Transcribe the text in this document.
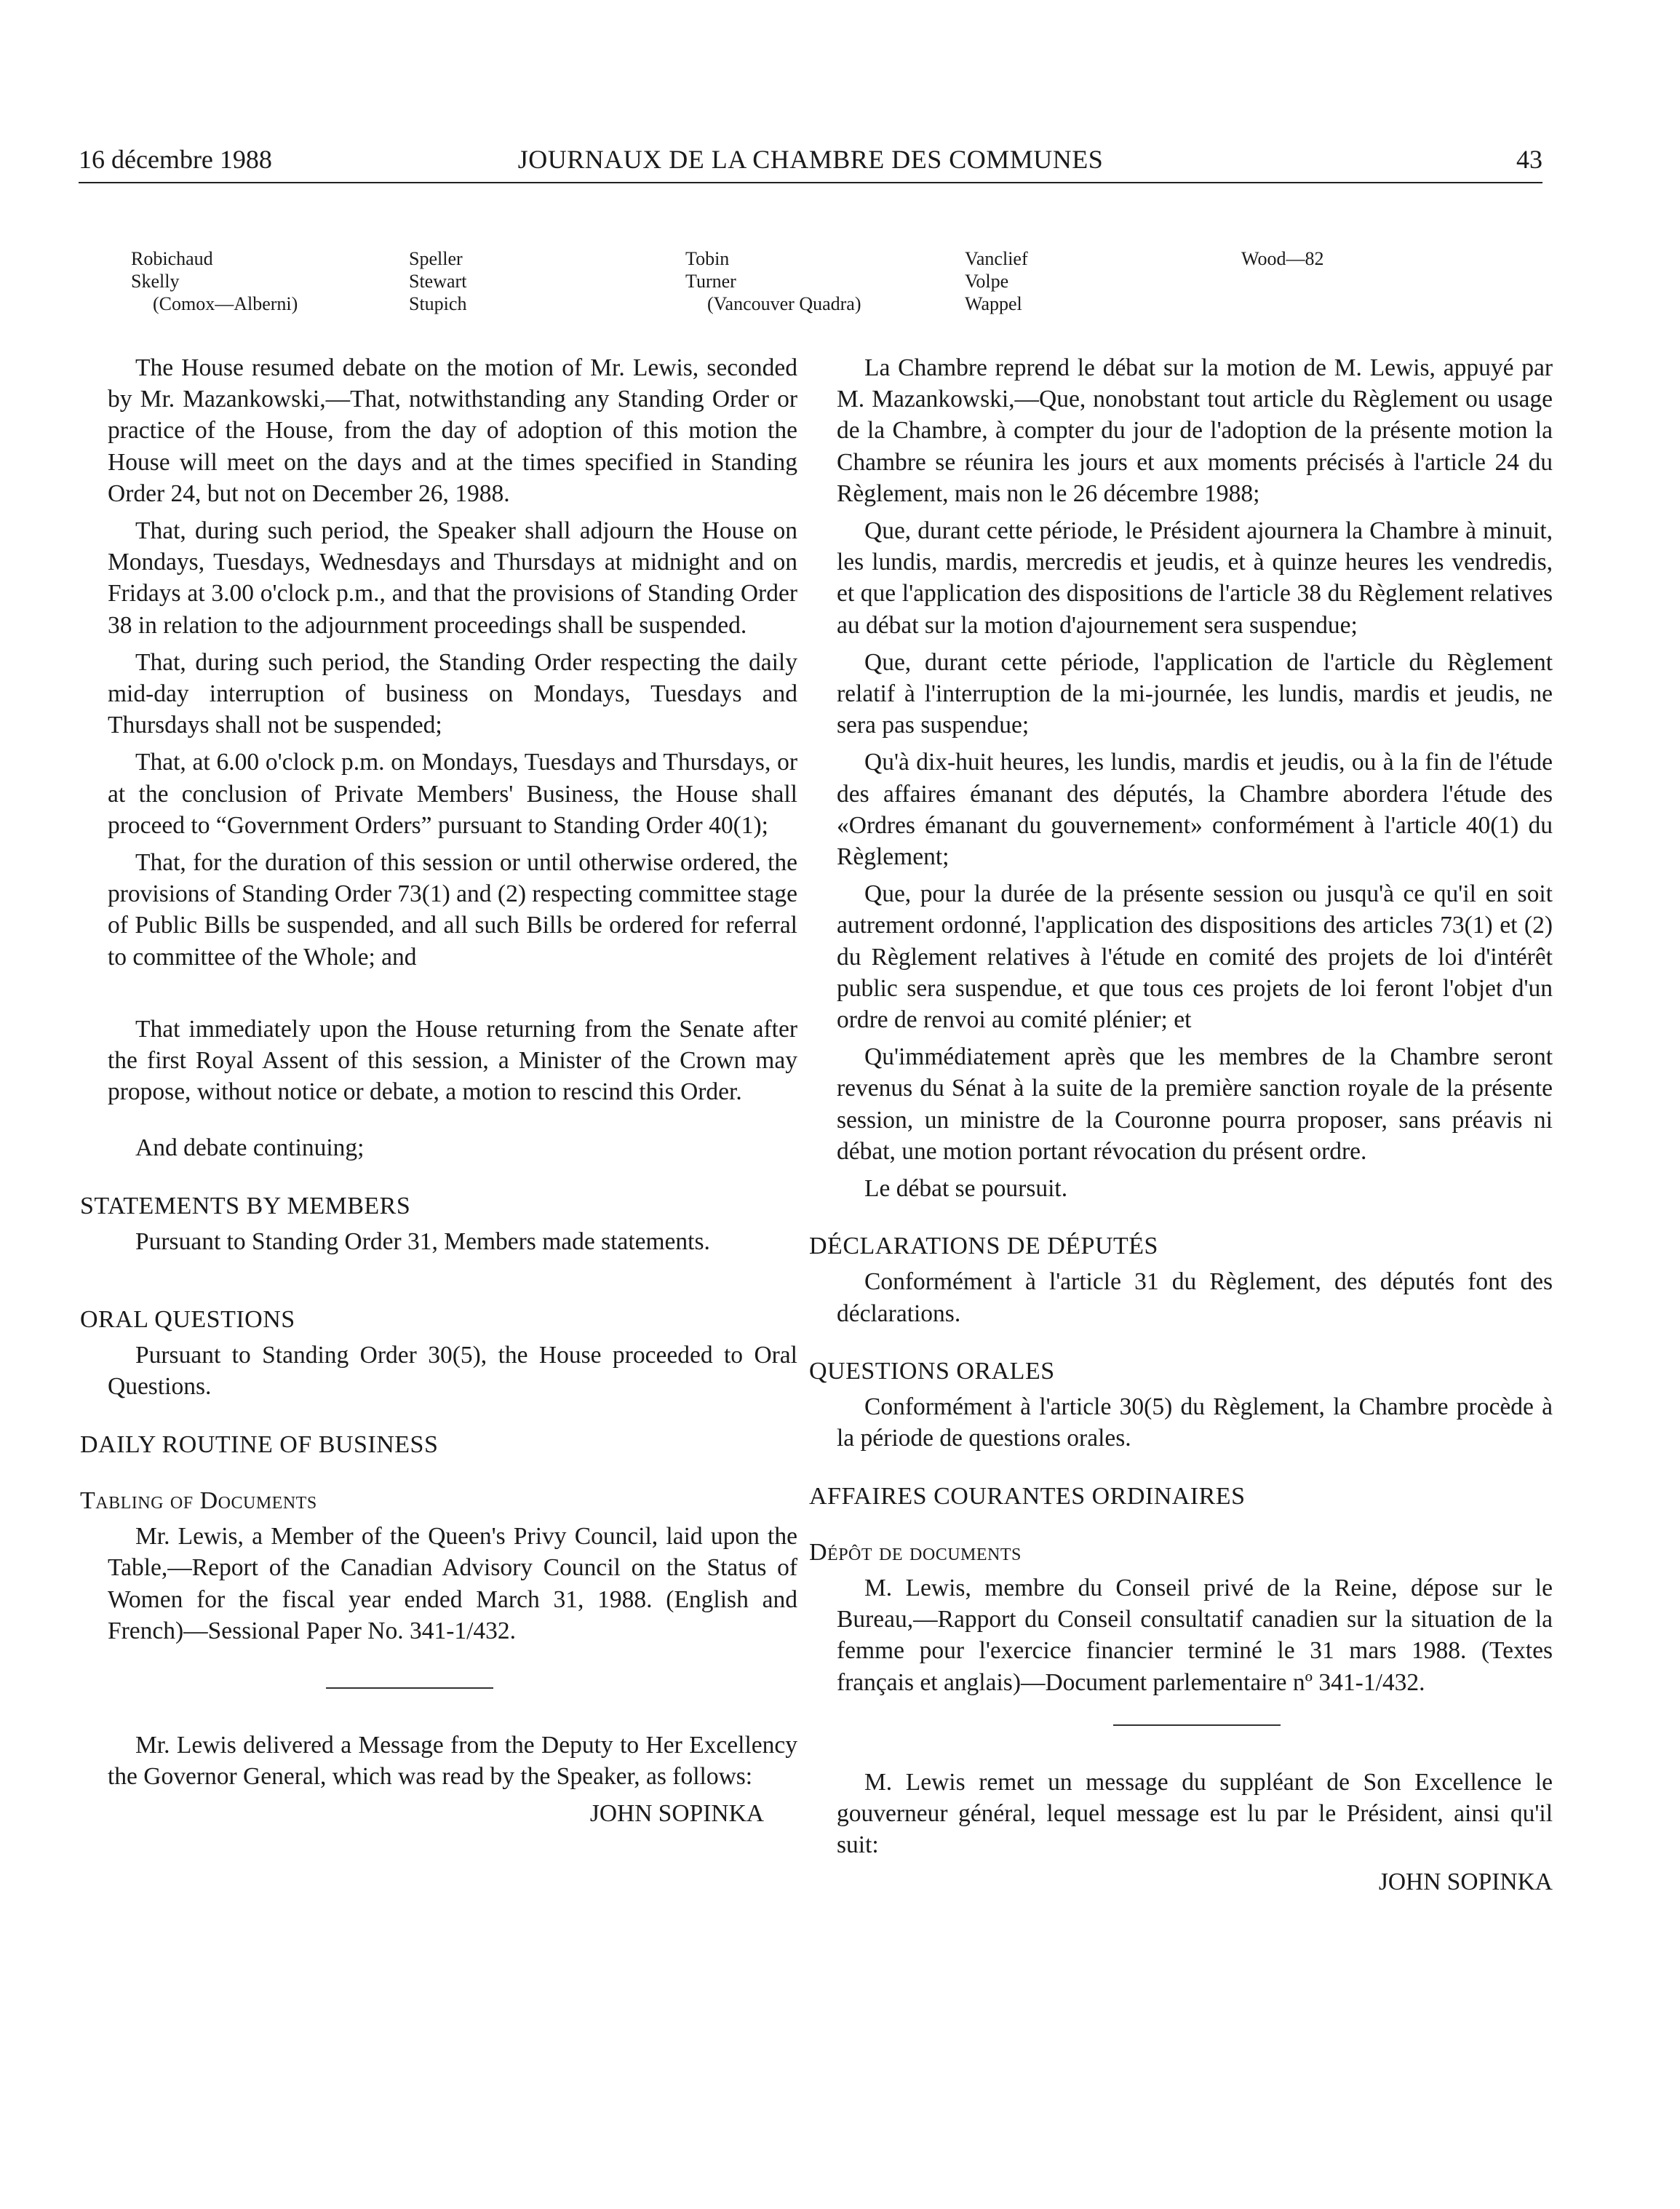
16 décembre 1988	JOURNAUX DE LA CHAMBRE DES COMMUNES	43
Robichaud
Skelly
(Comox—Alberni)
Speller
Stewart
Stupich
Tobin
Turner
(Vancouver Quadra)
Vanclief
Volpe
Wappel
Wood—82

The House resumed debate on the motion of Mr. Lewis, seconded by Mr. Mazankowski,—That, notwithstanding any Standing Order or practice of the House, from the day of adoption of this motion the House will meet on the days and at the times specified in Standing Order 24, but not on December 26, 1988.

That, during such period, the Speaker shall adjourn the House on Mondays, Tuesdays, Wednesdays and Thursdays at midnight and on Fridays at 3.00 o'clock p.m., and that the provisions of Standing Order 38 in relation to the adjournment proceedings shall be suspended.

That, during such period, the Standing Order respecting the daily mid-day interruption of business on Mondays, Tuesdays and Thursdays shall not be suspended;

That, at 6.00 o'clock p.m. on Mondays, Tuesdays and Thursdays, or at the conclusion of Private Members' Business, the House shall proceed to “Government Orders” pursuant to Standing Order 40(1);

That, for the duration of this session or until otherwise ordered, the provisions of Standing Order 73(1) and (2) respecting committee stage of Public Bills be suspended, and all such Bills be ordered for referral to committee of the Whole; and

That immediately upon the House returning from the Senate after the first Royal Assent of this session, a Minister of the Crown may propose, without notice or debate, a motion to rescind this Order.

And debate continuing;

STATEMENTS BY MEMBERS

Pursuant to Standing Order 31, Members made statements.

ORAL QUESTIONS

Pursuant to Standing Order 30(5), the House proceeded to Oral Questions.

DAILY ROUTINE OF BUSINESS
Tabling of Documents

Mr. Lewis, a Member of the Queen's Privy Council, laid upon the Table,—Report of the Canadian Advisory Council on the Status of Women for the fiscal year ended March 31, 1988. (English and French)—Sessional Paper No. 341-1/432.

Mr. Lewis delivered a Message from the Deputy to Her Excellency the Governor General, which was read by the Speaker, as follows:

JOHN SOPINKA

La Chambre reprend le débat sur la motion de M. Lewis, appuyé par M. Mazankowski,—Que, nonobstant tout article du Règlement ou usage de la Chambre, à compter du jour de l'adoption de la présente motion la Chambre se réunira les jours et aux moments précisés à l'article 24 du Règlement, mais non le 26 décembre 1988;

Que, durant cette période, le Président ajournera la Chambre à minuit, les lundis, mardis, mercredis et jeudis, et à quinze heures les vendredis, et que l'application des dispositions de l'article 38 du Règlement relatives au débat sur la motion d'ajournement sera suspendue;

Que, durant cette période, l'application de l'article du Règlement relatif à l'interruption de la mi-journée, les lundis, mardis et jeudis, ne sera pas suspendue;

Qu'à dix-huit heures, les lundis, mardis et jeudis, ou à la fin de l'étude des affaires émanant des députés, la Chambre abordera l'étude des «Ordres émanant du gouvernement» conformément à l'article 40(1) du Règlement;

Que, pour la durée de la présente session ou jusqu'à ce qu'il en soit autrement ordonné, l'application des dispositions des articles 73(1) et (2) du Règlement relatives à l'étude en comité des projets de loi d'intérêt public sera suspendue, et que tous ces projets de loi feront l'objet d'un ordre de renvoi au comité plénier; et

Qu'immédiatement après que les membres de la Chambre seront revenus du Sénat à la suite de la première sanction royale de la présente session, un ministre de la Couronne pourra proposer, sans préavis ni débat, une motion portant révocation du présent ordre.

Le débat se poursuit.

DÉCLARATIONS DE DÉPUTÉS

Conformément à l'article 31 du Règlement, des députés font des déclarations.

QUESTIONS ORALES

Conformément à l'article 30(5) du Règlement, la Chambre procède à la période de questions orales.

AFFAIRES COURANTES ORDINAIRES
Dépôt de documents

M. Lewis, membre du Conseil privé de la Reine, dépose sur le Bureau,—Rapport du Conseil consultatif canadien sur la situation de la femme pour l'exercice financier terminé le 31 mars 1988. (Textes français et anglais)—Document parlementaire nº 341-1/432.

M. Lewis remet un message du suppléant de Son Excellence le gouverneur général, lequel message est lu par le Président, ainsi qu'il suit:

JOHN SOPINKA
